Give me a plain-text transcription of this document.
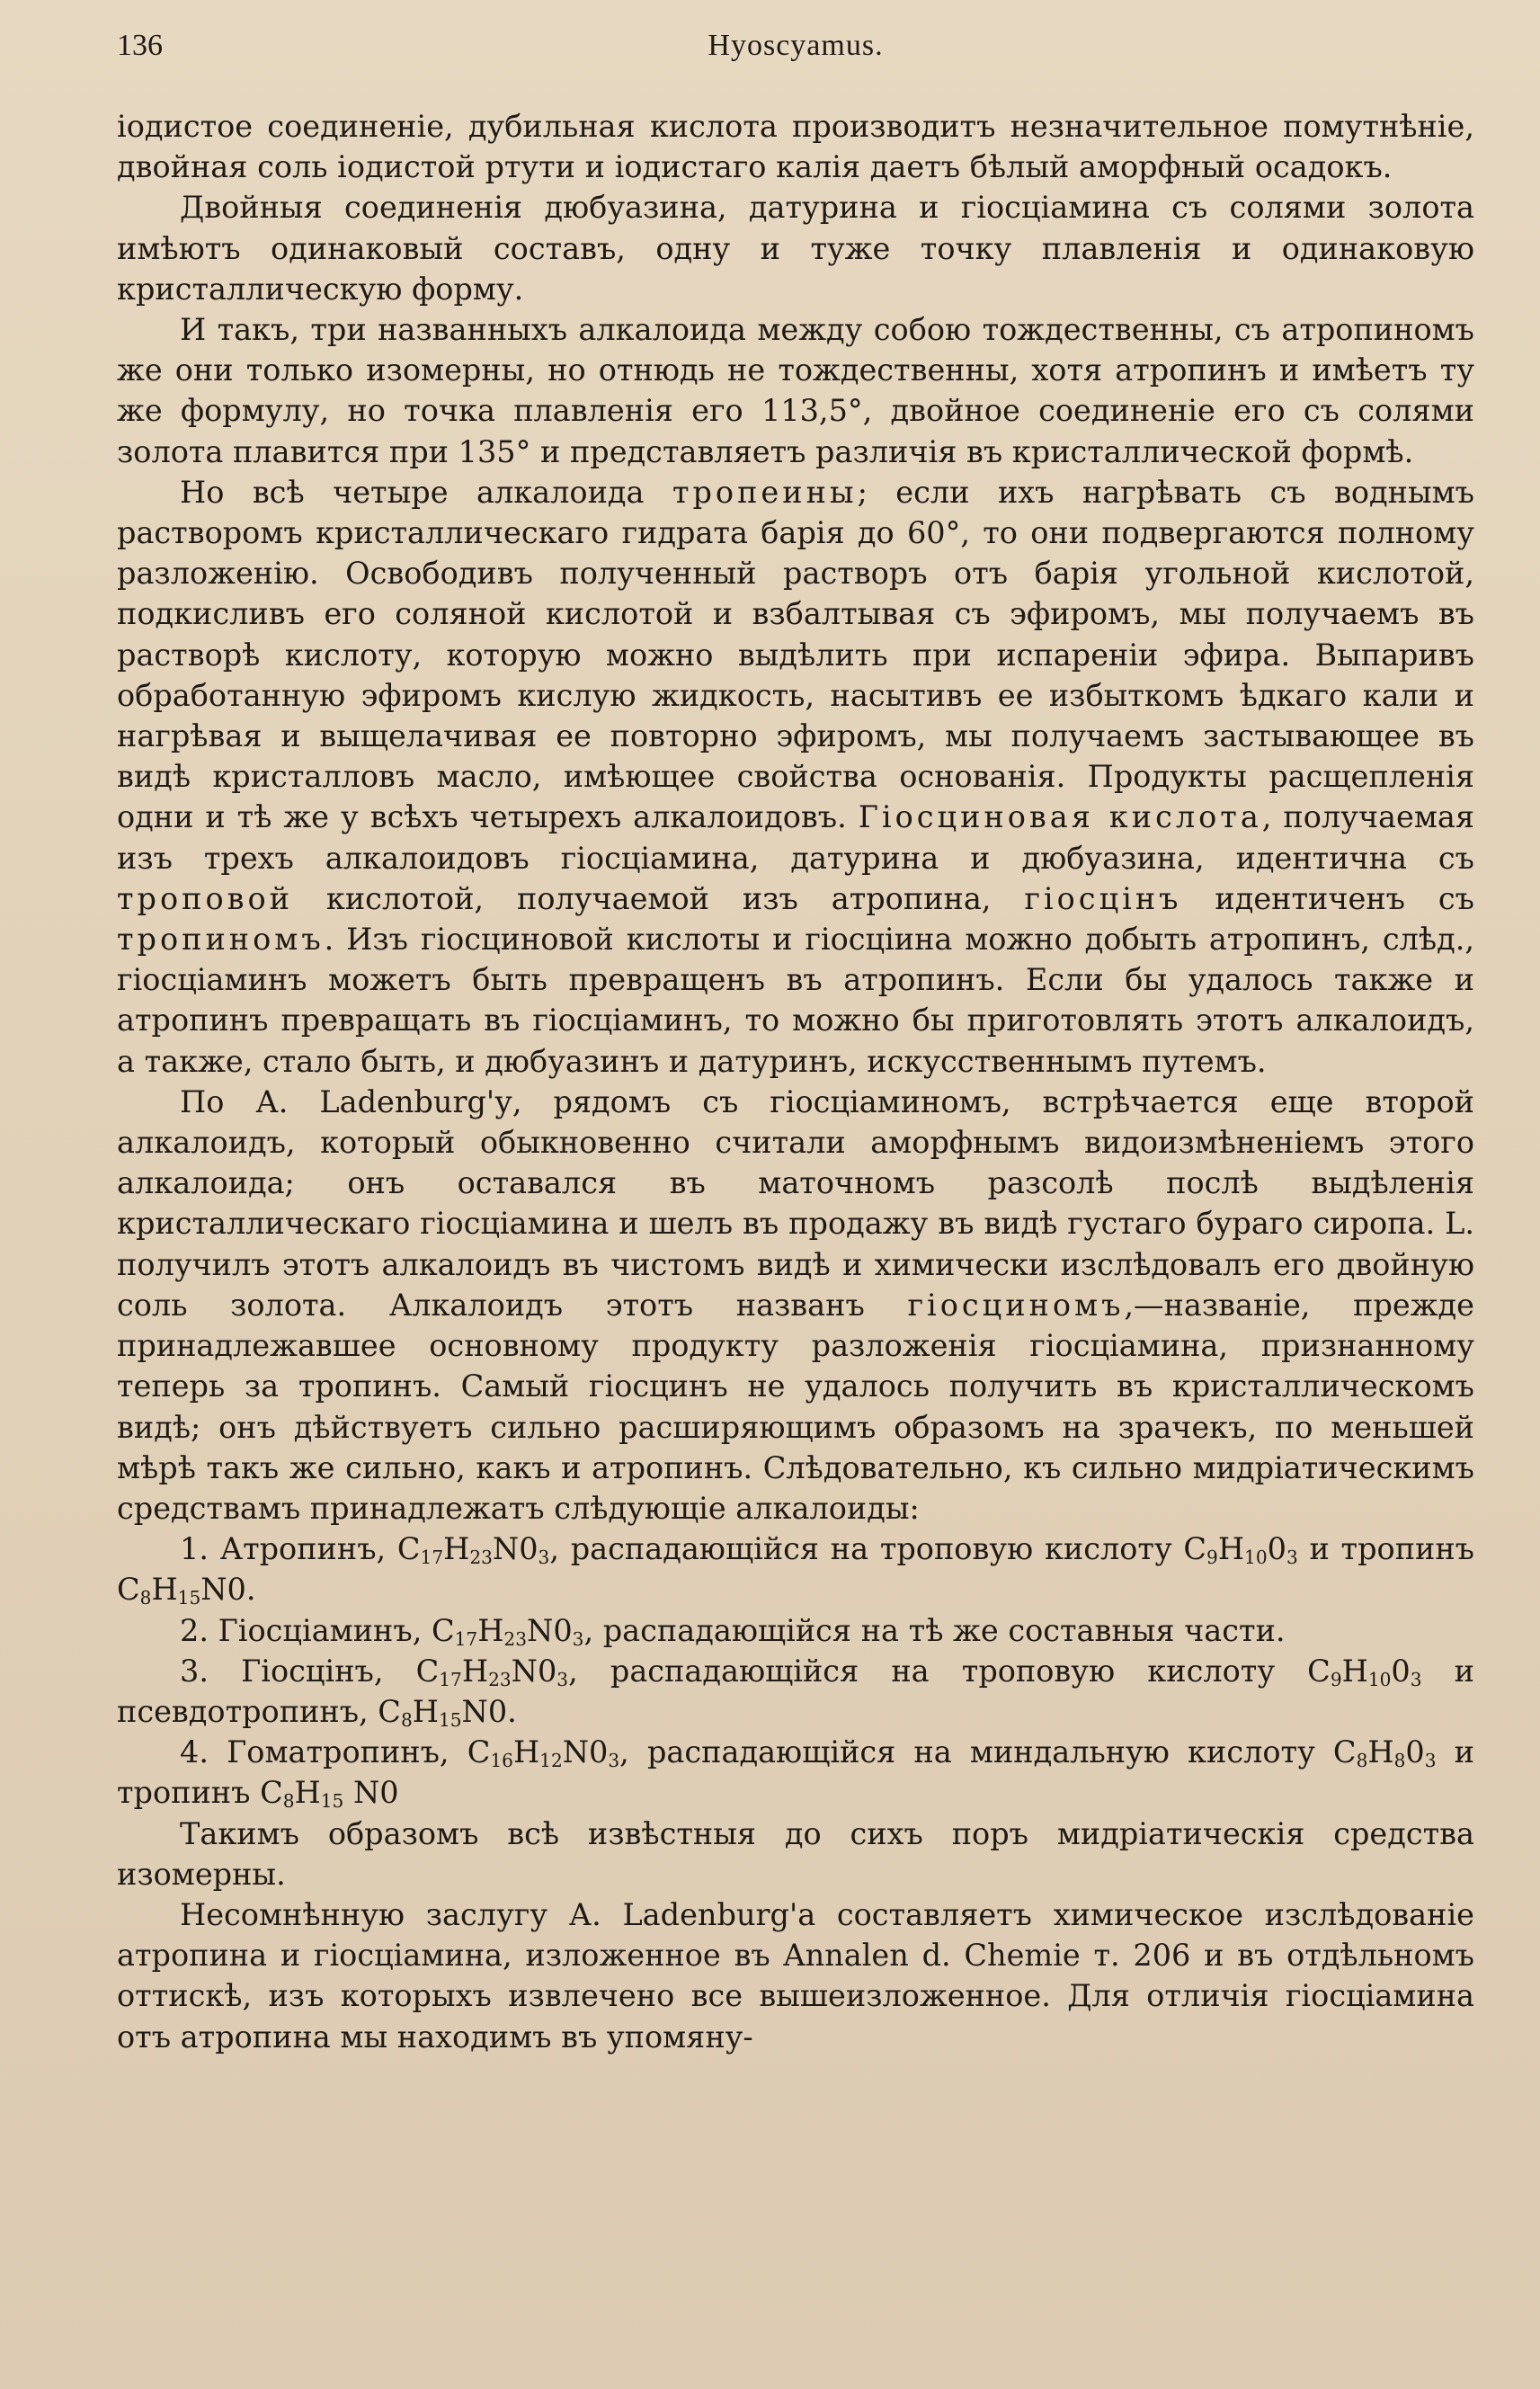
136	Hyoscyamus.

іодистое соединеніе, дубильная кислота производитъ незначительное помутнѣніе, двойная соль іодистой ртути и іодистаго калія даетъ бѣлый аморфный осадокъ.

Двойныя соединенія дюбуазина, датурина и гіосціамина съ солями золота имѣютъ одинаковый составъ, одну и туже точку плавленія и одинаковую кристаллическую форму.

И такъ, три названныхъ алкалоида между собою тождественны, съ атропиномъ же они только изомерны, но отнюдь не тождественны, хотя атропинъ и имѣетъ ту же формулу, но точка плавленія его 113,5°, двойное соединеніе его съ солями золота плавится при 135° и представляетъ различія въ кристаллической формѣ.

Но всѣ четыре алкалоида тропеины; если ихъ нагрѣвать съ воднымъ растворомъ кристаллическаго гидрата барія до 60°, то они подвергаются полному разложенію. Освободивъ полученный растворъ отъ барія угольной кислотой, подкисливъ его соляной кислотой и взбалтывая съ эфиромъ, мы получаемъ въ растворѣ кислоту, которую можно выдѣлить при испареніи эфира. Выпаривъ обработанную эфиромъ кислую жидкость, насытивъ ее избыткомъ ѣдкаго кали и нагрѣвая и выщелачивая ее повторно эфиромъ, мы получаемъ застывающее въ видѣ кристалловъ масло, имѣющее свойства основанія. Продукты расщепленія одни и тѣ же у всѣхъ четырехъ алкалоидовъ. Гіосциновая кислота, получаемая изъ трехъ алкалоидовъ гіосціамина, датурина и дюбуазина, идентична съ троповой кислотой, получаемой изъ атропина, гіосцінъ идентиченъ съ тропиномъ. Изъ гіосциновой кислоты и гіосціина можно добыть атропинъ, слѣд., гіосціаминъ можетъ быть превращенъ въ атропинъ. Если бы удалось также и атропинъ превращать въ гіосціаминъ, то можно бы приготовлять этотъ алкалоидъ, а также, стало быть, и дюбуазинъ и датуринъ, искусственнымъ путемъ.

По А. Ladenburg'у, рядомъ съ гіосціаминомъ, встрѣчается еще второй алкалоидъ, который обыкновенно считали аморфнымъ видоизмѣненіемъ этого алкалоида; онъ оставался въ маточномъ разсолѣ послѣ выдѣленія кристаллическаго гіосціамина и шелъ въ продажу въ видѣ густаго бураго сиропа. L. получилъ этотъ алкалоидъ въ чистомъ видѣ и химически изслѣдовалъ его двойную соль золота. Алкалоидъ этотъ названъ гіосциномъ,—названіе, прежде принадлежавшее основному продукту разложенія гіосціамина, признанному теперь за тропинъ. Самый гіосцинъ не удалось получить въ кристаллическомъ видѣ; онъ дѣйствуетъ сильно расширяющимъ образомъ на зрачекъ, по меньшей мѣрѣ такъ же сильно, какъ и атропинъ. Слѣдовательно, къ сильно мидріатическимъ средствамъ принадлежатъ слѣдующіе алкалоиды:

1. Атропинъ, $C_{17}H_{23}N0_3$, распадающійся на троповую кислоту $C_9H_{10}0_3$ и тропинъ $C_8H_{15}N0$.

2. Гіосціаминъ, $C_{17}H_{23}N0_3$, распадающійся на тѣ же составныя части.

3. Гіосцінъ, $C_{17}H_{23}N0_3$, распадающійся на троповую кислоту $C_9H_{10}0_3$ и псевдотропинъ, $C_8H_{15}N0$.

4. Гоматропинъ, $C_{16}H_{12}N0_3$, распадающійся на миндальную кислоту $C_8H_80_3$ и тропинъ $C_8H_{15}$ N0

Такимъ образомъ всѣ извѣстныя до сихъ поръ мидріатическія средства изомерны.

Несомнѣнную заслугу А. Ladenburg'а составляетъ химическое изслѣдованіе атропина и гіосціамина, изложенное въ Annalen d. Chemie т. 206 и въ отдѣльномъ оттискѣ, изъ которыхъ извлечено все вышеизложенное. Для отличія гіосціамина отъ атропина мы находимъ въ упомяну-
